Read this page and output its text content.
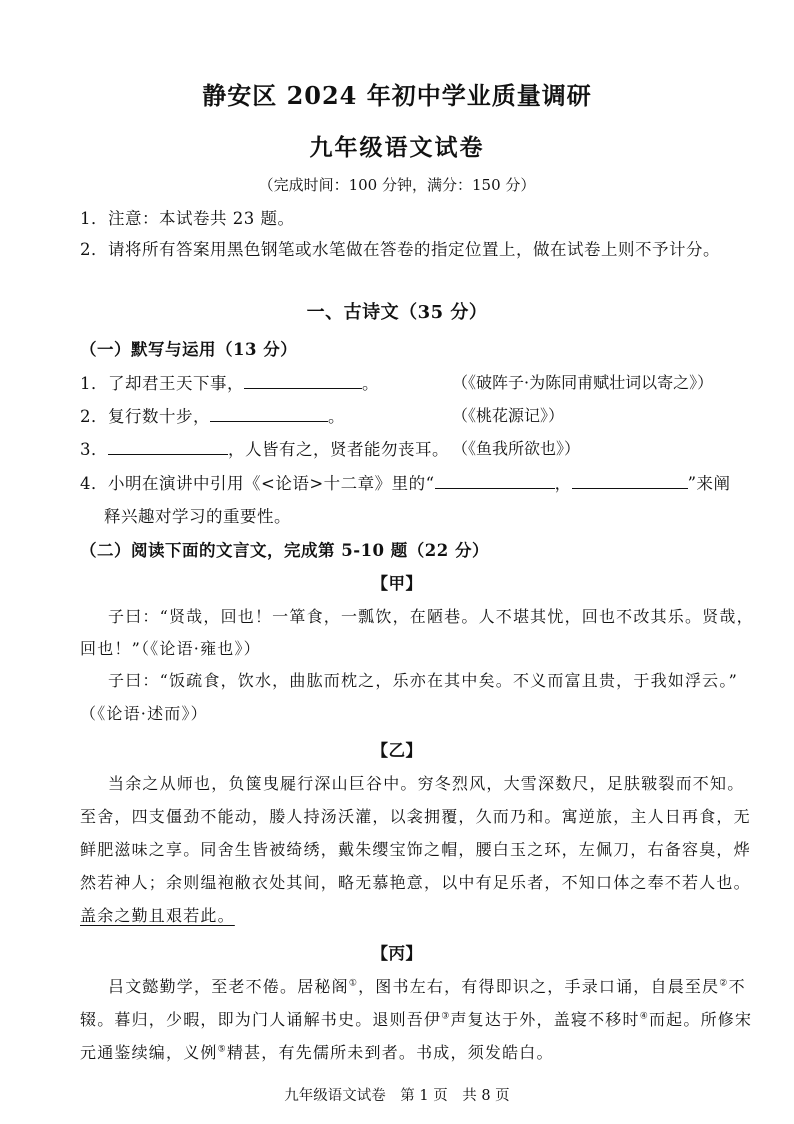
静安区 2024 年初中学业质量调研
九年级语文试卷
（完成时间：100 分钟，满分：150 分）
1．注意：本试卷共 23 题。
2．请将所有答案用黑色钢笔或水笔做在答卷的指定位置上，做在试卷上则不予计分。
一、古诗文（35 分）
（一）默写与运用（13 分）
1．了却君王天下事，	。	（《破阵子·为陈同甫赋壮词以寄之》）
2．复行数十步，	。	（《桃花源记》）
3．	，人皆有之，贤者能勿丧耳。 （《鱼我所欲也》）
4．小明在演讲中引用《<论语>十二章》里的“	，	”来阐
释兴趣对学习的重要性。
（二）阅读下面的文言文，完成第 5-10 题（22 分）
【甲】
子曰：“贤哉，回也！一箪食，一瓢饮，在陋巷。人不堪其忧，回也不改其乐。贤哉，
回也！”（《论语·雍也》）
子曰：“饭疏食，饮水，曲肱而枕之，乐亦在其中矣。不义而富且贵，于我如浮云。”
（《论语·述而》）
【乙】
当余之从师也，负箧曳屣行深山巨谷中。穷冬烈风，大雪深数尺，足肤皲裂而不知。
至舍，四支僵劲不能动，媵人持汤沃灌，以衾拥覆，久而乃和。寓逆旅，主人日再食，无
鲜肥滋味之享。同舍生皆被绮绣，戴朱缨宝饰之帽，腰白玉之环，左佩刀，右备容臭，烨
然若神人；余则缊袍敝衣处其间，略无慕艳意，以中有足乐者，不知口体之奉不若人也。
盖余之勤且艰若此。
【丙】
吕文懿勤学，至老不倦。居秘阁①，图书左右，有得即识之，手录口诵，自晨至昃②不
辍。暮归，少暇，即为门人诵解书史。退则吾伊③声复达于外，盖寝不移时④而起。所修宋
元通鉴续编，义例⑤精甚，有先儒所未到者。书成，须发皓白。
九年级语文试卷　第 1 页　共 8 页
